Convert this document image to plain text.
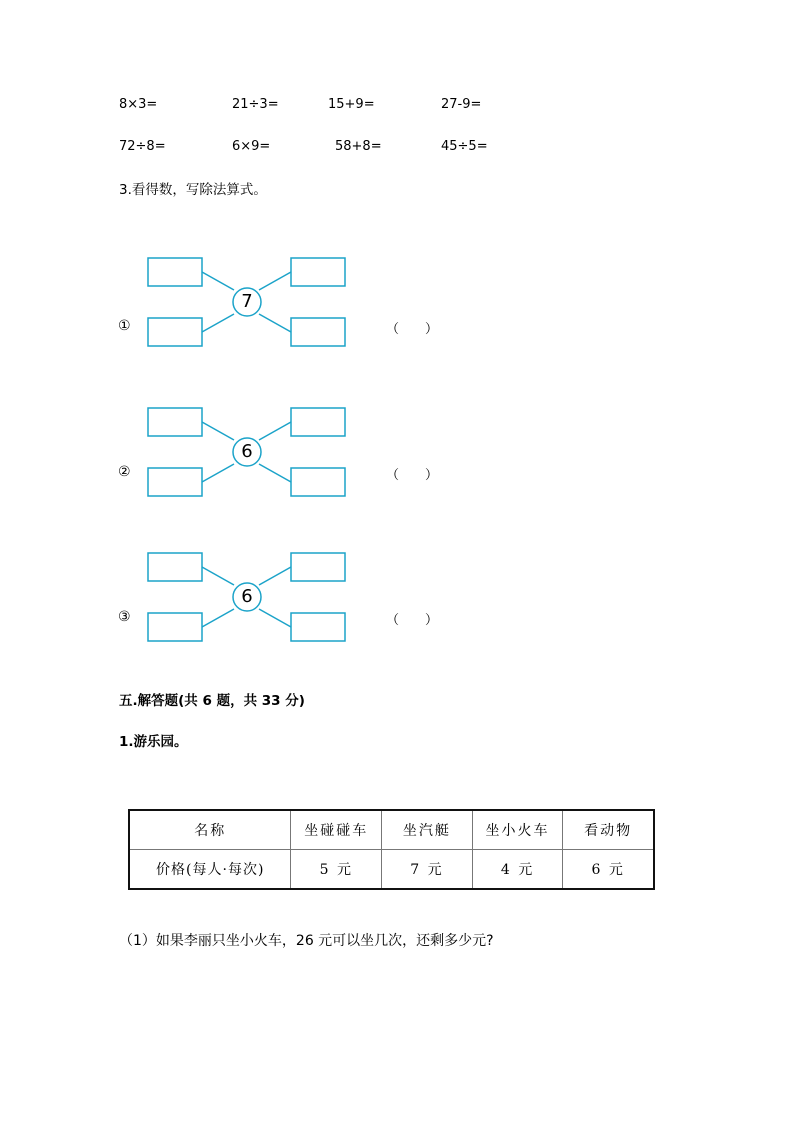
8×3=	21÷3=	15+9=	27-9=
72÷8=	6×9=	58+8=	45÷5=
3.看得数，写除法算式。
①
7
（　　）
②
6
（　　）
③
6
（　　）
五.解答题(共 6 题，共 33 分)
1.游乐园。
名称	坐碰碰车	坐汽艇	坐小火车	看动物
价格(每人·每次)	5 元	7 元	4 元	6 元
（1）如果李丽只坐小火车，26 元可以坐几次，还剩多少元?
